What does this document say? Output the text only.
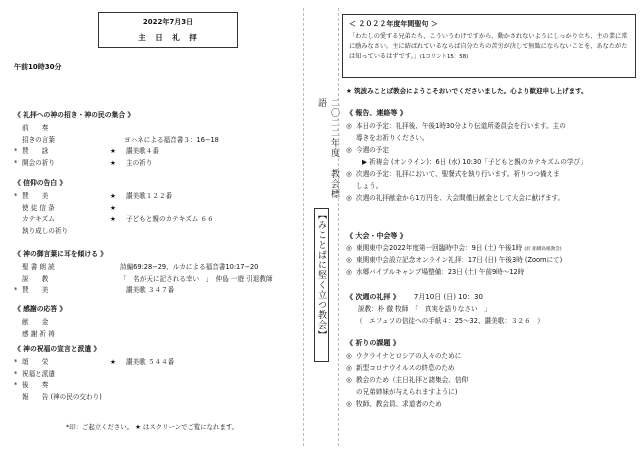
2022年7月3日
主　日　礼　拝
午前10時30分
《 礼拝への神の招き・神の民の集合 》
前　　奏
招きの言葉	ヨハネによる福音書３：16−18
* 賛　　詠	★ 讃美歌４番
* 開会の祈り	★ 主の祈り
《 信仰の告白 》
* 賛　　美	★ 讃美歌１２２番
使 徒 信 条	★
カテキズム	★ 子どもと親のカテキズム ６６
執り成しの祈り
《 神の御言葉に耳を傾ける 》
聖 書 朗 読	詩編69:28−29、ルカによる福音書10:17−20
説　　教	「　名が天に記される幸い　」　仲島 一遊 引退教師
* 賛　　美	讃美歌 ３４７番
《 感謝の応答 》
献　　金
感 謝 祈 祷
《 神の祝福の宣言と派遣 》
* 頌　　栄	★ 讃美歌 ５４４番
* 祝福と派遣
* 後　　奏
報　　告 (神の民の交わり)
*印：ご起立ください。 ★ はスクリーンでご覧になれます。
二〇二二年度 教会標語
【みことばに堅く立つ教会】
＜ ２０２２年度年間聖句 ＞
「わたしの愛する兄弟たち、こういうわけですから、動かされないようにしっかり立ち、主の業に常に励みなさい。主に結ばれているならば自分たちの苦労が決して無駄にならないことを、あなたがたは知っているはずです。」(1コリント15：58)
★ 筑波みことば教会にようこそおいでくださいました。心より歓迎申し上げます。
《 報告、連絡等 》
◎ 本日の予定：礼拝後、午後1時30分より伝道所委員会を行います。主の
導きをお祈りください。
◎ 今週の予定
▶ 祈祷会 (オンライン)：6日 (水) 10:30「子どもと親のカテキズムの学び」
◎ 次週の予定：礼拝において、聖餐式を執り行います。祈りつつ備えま
しょう。
◎ 次週の礼拝献金から1万円を、大会間僅日献金として大会に献げます。
《 大会・中会等 》
◎ 東関東中会2022年度第一回臨時中会：9日 (土) 午後1時 (於 船橋高根教会)
◎ 東関東中会設立記念オンライン礼拝：17日 (日) 午後3時 (Zoomにて)
◎ 水郷バイブルキャンプ場整備：23日 (土) 午前9時〜12時
《 次週の礼拝 》 7月10日 (日) 10：30
説教：朴 徹 牧師　「　真実を語りなさい　」
（　エフェソの信徒への手紙４：25〜32、讃美歌：３２６　）
《 祈りの課題 》
◎ ウクライナとロシアの人々のために
◎ 新型コロナウイルスの終息のため
◎ 教会のため（主日礼拝と諸集会、信仰
の兄弟姉妹が与えられますように)
◎ 牧師、教会員、求道者のため
